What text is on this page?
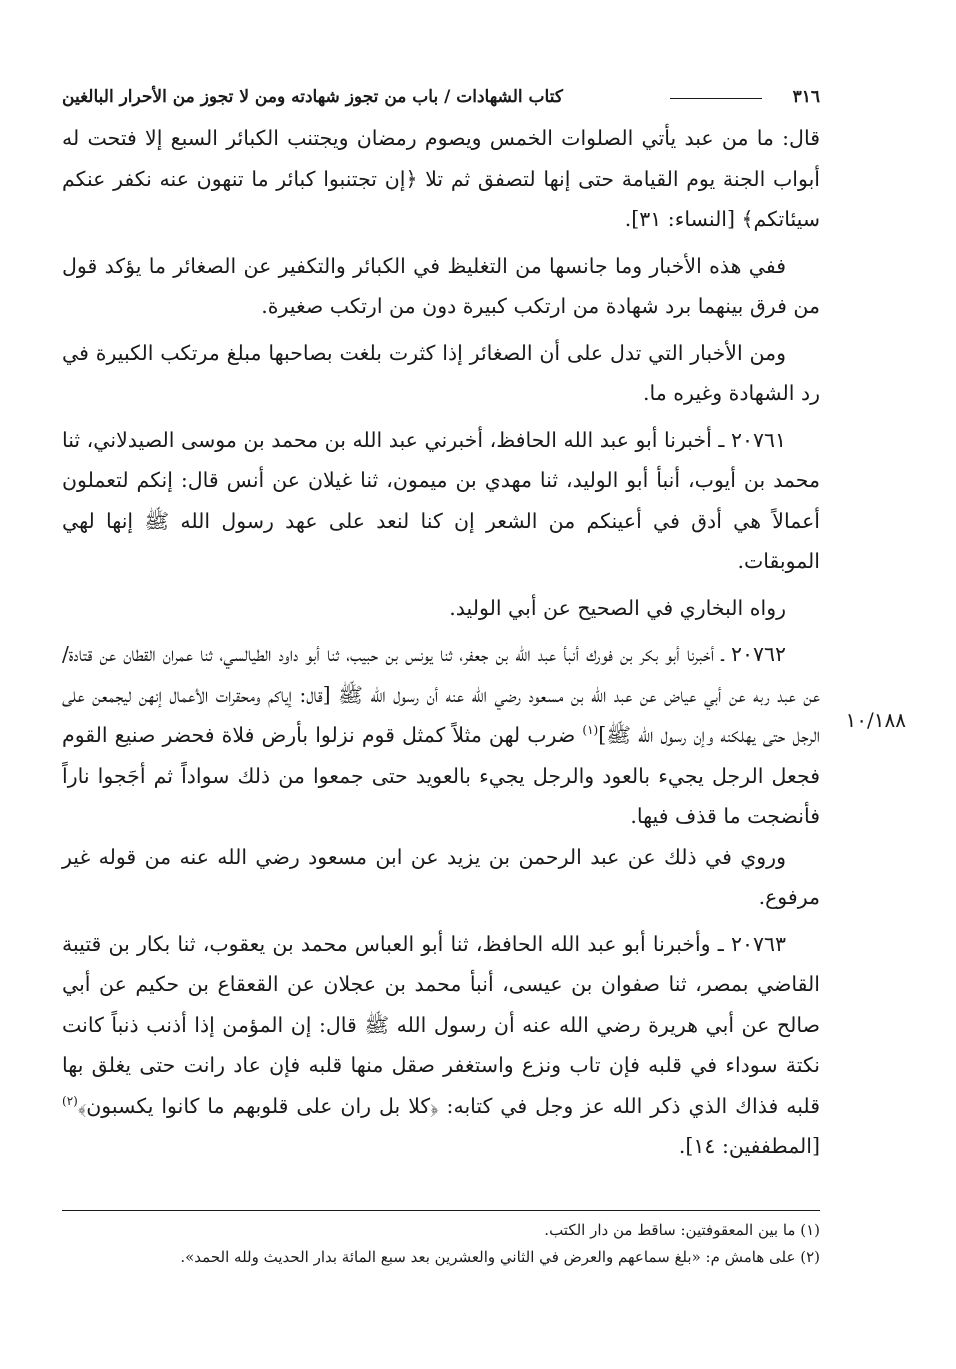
٣١٦
كتاب الشهادات / باب من تجوز شهادته ومن لا تجوز من الأحرار البالغين

قال: ما من عبد يأتي الصلوات الخمس ويصوم رمضان ويجتنب الكبائر السبع إلا فتحت له أبواب الجنة يوم القيامة حتى إنها لتصفق ثم تلا ﴿إن تجتنبوا كبائر ما تنهون عنه نكفر عنكم سيئاتكم﴾ [النساء: ٣١].

ففي هذه الأخبار وما جانسها من التغليظ في الكبائر والتكفير عن الصغائر ما يؤكد قول من فرق بينهما برد شهادة من ارتكب كبيرة دون من ارتكب صغيرة.

ومن الأخبار التي تدل على أن الصغائر إذا كثرت بلغت بصاحبها مبلغ مرتكب الكبيرة في رد الشهادة وغيره ما.

٢٠٧٦١ ـ أخبرنا أبو عبد الله الحافظ، أخبرني عبد الله بن محمد بن موسى الصيدلاني، ثنا محمد بن أيوب، أنبأ أبو الوليد، ثنا مهدي بن ميمون، ثنا غيلان عن أنس قال: إنكم لتعملون أعمالاً هي أدق في أعينكم من الشعر إن كنا لنعد على عهد رسول الله ﷺ إنها لهي الموبقات.

رواه البخاري في الصحيح عن أبي الوليد.

٢٠٧٦٢ ـ أخبرنا أبو بكر بن فورك أنبأ عبد الله بن جعفر، ثنا يونس بن حبيب، ثنا أبو داود الطيالسي، ثنا عمران القطان عن قتادة/ عن عبد ربه عن أبي عياض عن عبد الله بن مسعود رضي الله عنه أن رسول الله ﷺ [قال: إياكم ومحقرات الأعمال إنهن ليجمعن على الرجل حتى يهلكنه وإن رسول الله ﷺ]$^{(١)}$ ضرب لهن مثلاً كمثل قوم نزلوا بأرض فلاة فحضر صنيع القوم فجعل الرجل يجيء بالعود والرجل يجيء بالعويد حتى جمعوا من ذلك سواداً ثم أجَجوا ناراً فأنضجت ما قذف فيها.

وروي في ذلك عن عبد الرحمن بن يزيد عن ابن مسعود رضي الله عنه من قوله غير مرفوع.

٢٠٧٦٣ ـ وأخبرنا أبو عبد الله الحافظ، ثنا أبو العباس محمد بن يعقوب، ثنا بكار بن قتيبة القاضي بمصر، ثنا صفوان بن عيسى، أنبأ محمد بن عجلان عن القعقاع بن حكيم عن أبي صالح عن أبي هريرة رضي الله عنه أن رسول الله ﷺ قال: إن المؤمن إذا أذنب ذنباً كانت نكتة سوداء في قلبه فإن تاب ونزع واستغفر صقل منها قلبه فإن عاد رانت حتى يغلق بها قلبه فذاك الذي ذكر الله عز وجل في كتابه: ﴿كلا بل ران على قلوبهم ما كانوا يكسبون﴾$^{(٢)}$ [المطففين: ١٤].

١٠/١٨٨

(١) ما بين المعقوفتين: ساقط من دار الكتب.

(٢) على هامش م: «بلغ سماعهم والعرض في الثاني والعشرين بعد سبع المائة بدار الحديث ولله الحمد».
